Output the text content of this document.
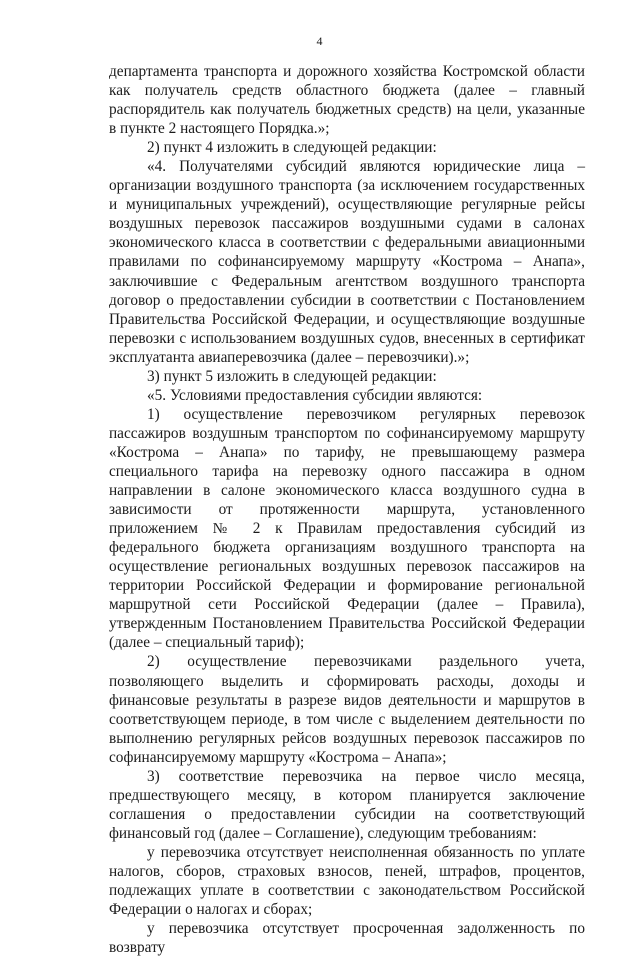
4

департамента транспорта и дорожного хозяйства Костромской области как получатель средств областного бюджета (далее – главный распорядитель как получатель бюджетных средств) на цели, указанные в пункте 2 настоящего Порядка.»;

2) пункт 4 изложить в следующей редакции:

«4. Получателями субсидий являются юридические лица – организации воздушного транспорта (за исключением государственных и муниципальных учреждений), осуществляющие регулярные рейсы воздушных перевозок пассажиров воздушными судами в салонах экономического класса в соответствии с федеральными авиационными правилами по софинансируемому маршруту «Кострома – Анапа», заключившие с Федеральным агентством воздушного транспорта договор о предоставлении субсидии в соответствии с Постановлением Правительства Российской Федерации, и осуществляющие воздушные перевозки с использованием воздушных судов, внесенных в сертификат эксплуатанта авиаперевозчика (далее – перевозчики).»;

3) пункт 5 изложить в следующей редакции:

«5. Условиями предоставления субсидии являются:

1) осуществление перевозчиком регулярных перевозок пассажиров воздушным транспортом по софинансируемому маршруту «Кострома – Анапа» по тарифу, не превышающему размера специального тарифа на перевозку одного пассажира в одном направлении в салоне экономического класса воздушного судна в зависимости от протяженности маршрута, установленного приложением № 2 к Правилам предоставления субсидий из федерального бюджета организациям воздушного транспорта на осуществление региональных воздушных перевозок пассажиров на территории Российской Федерации и формирование региональной маршрутной сети Российской Федерации (далее – Правила), утвержденным Постановлением Правительства Российской Федерации (далее – специальный тариф);

2) осуществление перевозчиками раздельного учета, позволяющего выделить и сформировать расходы, доходы и финансовые результаты в разрезе видов деятельности и маршрутов в соответствующем периоде, в том числе с выделением деятельности по выполнению регулярных рейсов воздушных перевозок пассажиров по софинансируемому маршруту «Кострома – Анапа»;

3) соответствие перевозчика на первое число месяца, предшествующего месяцу, в котором планируется заключение соглашения о предоставлении субсидии на соответствующий финансовый год (далее – Соглашение), следующим требованиям:

у перевозчика отсутствует неисполненная обязанность по уплате налогов, сборов, страховых взносов, пеней, штрафов, процентов, подлежащих уплате в соответствии с законодательством Российской Федерации о налогах и сборах;

у перевозчика отсутствует просроченная задолженность по возврату
